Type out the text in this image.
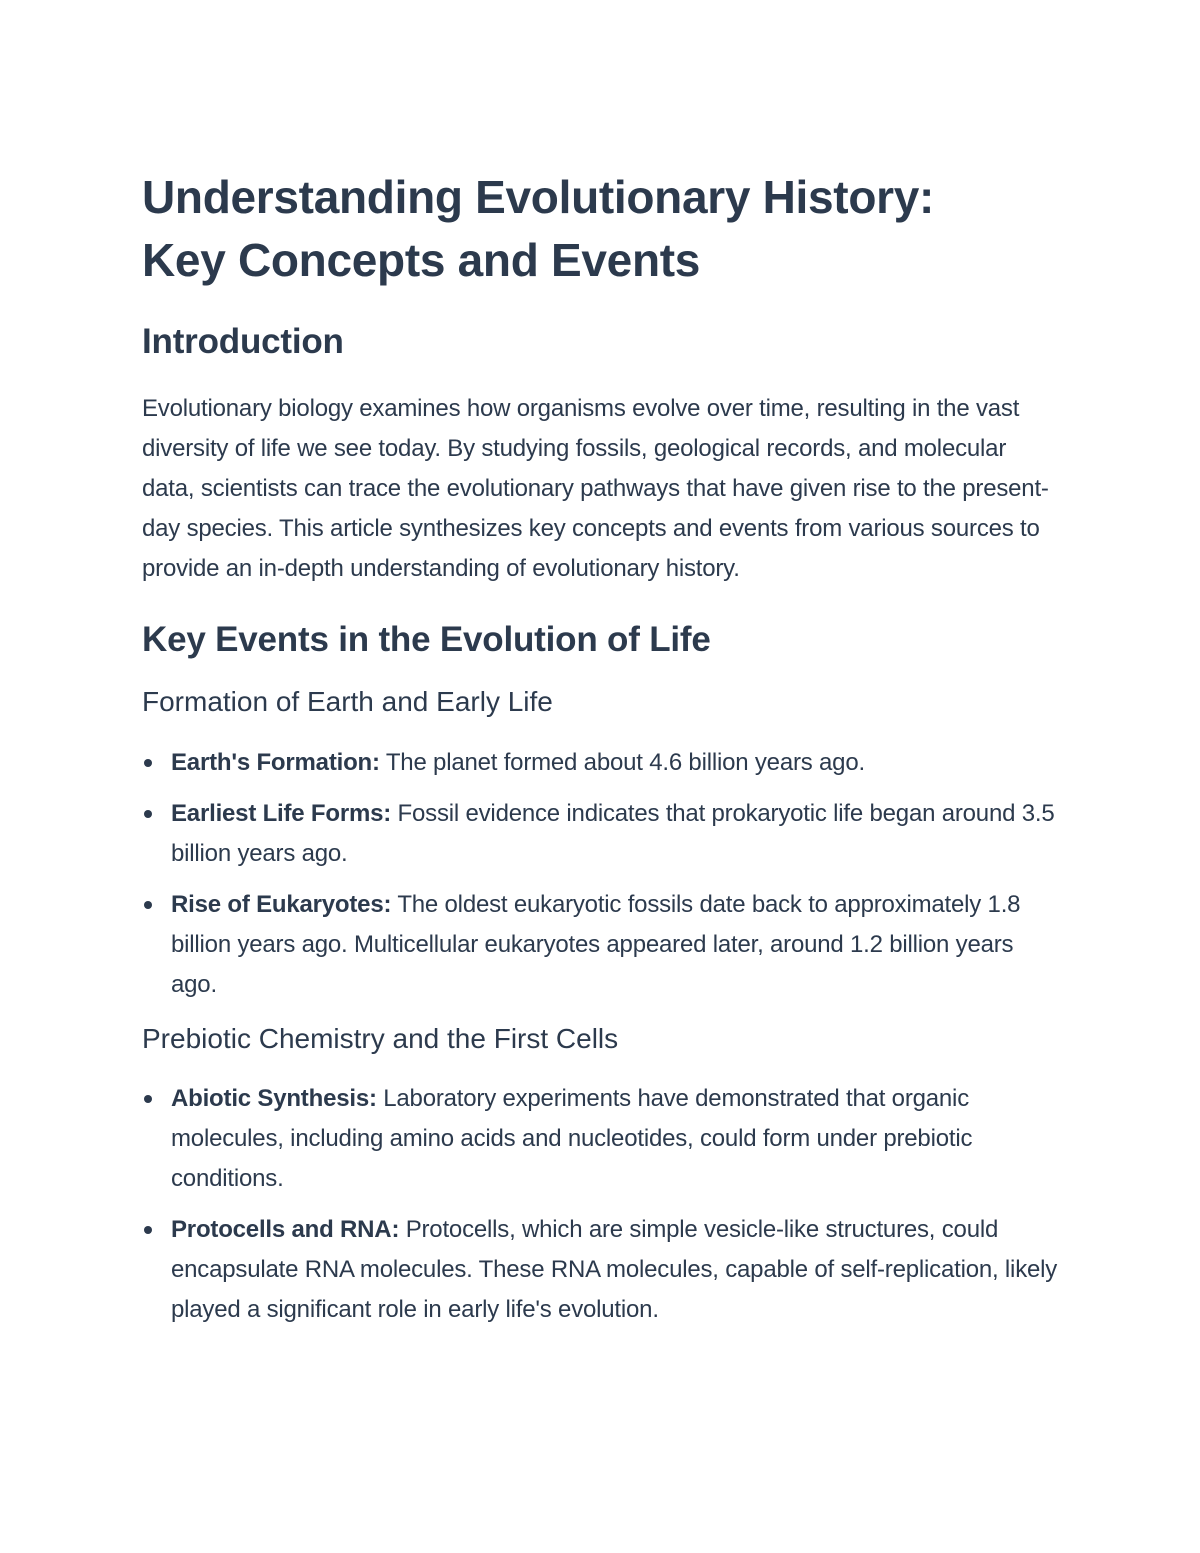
Understanding Evolutionary History:
Key Concepts and Events
Introduction

Evolutionary biology examines how organisms evolve over time, resulting in the vast diversity of life we see today. By studying fossils, geological records, and molecular data, scientists can trace the evolutionary pathways that have given rise to the present-day species. This article synthesizes key concepts and events from various sources to provide an in-depth understanding of evolutionary history.

Key Events in the Evolution of Life
Formation of Earth and Early Life
Earth's Formation: The planet formed about 4.6 billion years ago.
Earliest Life Forms: Fossil evidence indicates that prokaryotic life began around 3.5 billion years ago.
Rise of Eukaryotes: The oldest eukaryotic fossils date back to approximately 1.8 billion years ago. Multicellular eukaryotes appeared later, around 1.2 billion years ago.
Prebiotic Chemistry and the First Cells
Abiotic Synthesis: Laboratory experiments have demonstrated that organic molecules, including amino acids and nucleotides, could form under prebiotic conditions.
Protocells and RNA: Protocells, which are simple vesicle-like structures, could encapsulate RNA molecules. These RNA molecules, capable of self-replication, likely played a significant role in early life's evolution.
